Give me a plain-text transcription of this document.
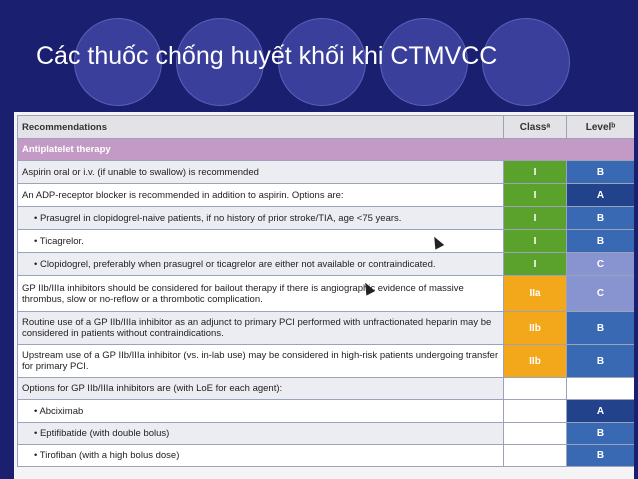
Các thuốc chống huyết khối khi CTMVCC
Recommendations	Classᵃ	Levelᵇ
Antiplatelet therapy		
Aspirin oral or i.v. (if unable to swallow) is recommended	I	B
An ADP-receptor blocker is recommended in addition to aspirin. Options are:	I	A
• Prasugrel in clopidogrel-naive patients, if no history of prior stroke/TIA, age <75 years.	I	B
• Ticagrelor.	I	B
• Clopidogrel, preferably when prasugrel or ticagrelor are either not available or contraindicated.	I	C
GP IIb/IIIa inhibitors should be considered for bailout therapy if there is angiographic evidence of massive thrombus, slow or no-reflow or a thrombotic complication.	IIa	C
Routine use of a GP IIb/IIIa inhibitor as an adjunct to primary PCI performed with unfractionated heparin may be considered in patients without contraindications.	IIb	B
Upstream use of a GP IIb/IIIa inhibitor (vs. in-lab use) may be considered in high-risk patients undergoing transfer for primary PCI.	IIb	B
Options for GP IIb/IIIa inhibitors are (with LoE for each agent):		
• Abciximab		A
• Eptifibatide (with double bolus)		B
• Tirofiban (with a high bolus dose)		B
